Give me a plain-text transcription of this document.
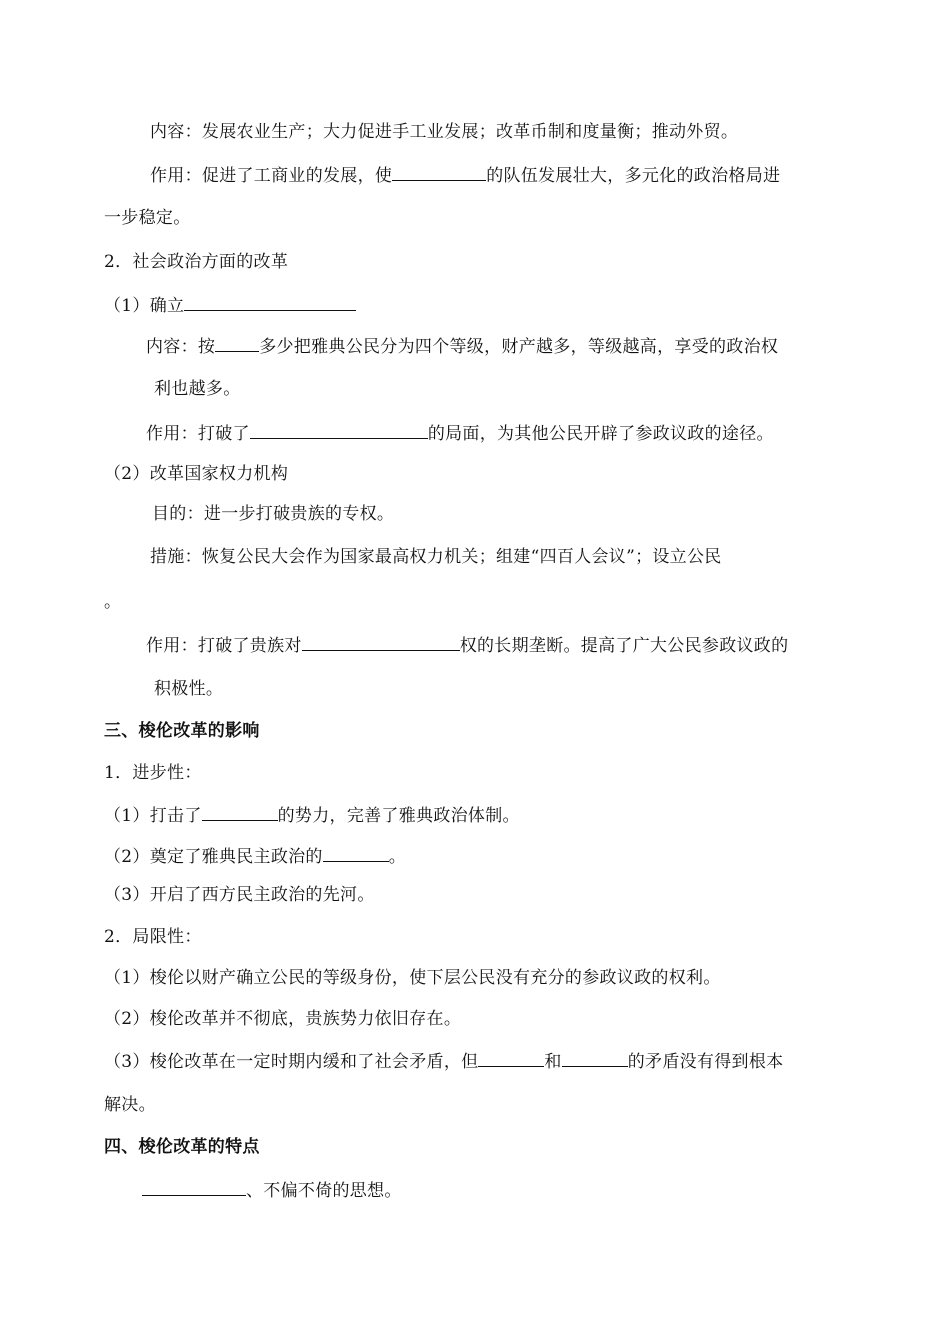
内容：发展农业生产；大力促进手工业发展；改革币制和度量衡；推动外贸。
作用：促进了工商业的发展，使	的队伍发展壮大，多元化的政治格局进
一步稳定。
2．社会政治方面的改革
（1）确立
内容：按	多少把雅典公民分为四个等级，财产越多，等级越高，享受的政治权
利也越多。
作用：打破了	的局面，为其他公民开辟了参政议政的途径。
（2）改革国家权力机构
目的：进一步打破贵族的专权。
措施：恢复公民大会作为国家最高权力机关；组建“四百人会议”；设立公民
。
作用：打破了贵族对	权的长期垄断。提高了广大公民参政议政的
积极性。
三、梭伦改革的影响
1．进步性：
（1）打击了	的势力，完善了雅典政治体制。
（2）奠定了雅典民主政治的	。
（3）开启了西方民主政治的先河。
2．局限性：
（1）梭伦以财产确立公民的等级身份，使下层公民没有充分的参政议政的权利。
（2）梭伦改革并不彻底，贵族势力依旧存在。
（3）梭伦改革在一定时期内缓和了社会矛盾，但	和	的矛盾没有得到根本
解决。
四、梭伦改革的特点
、不偏不倚的思想。
